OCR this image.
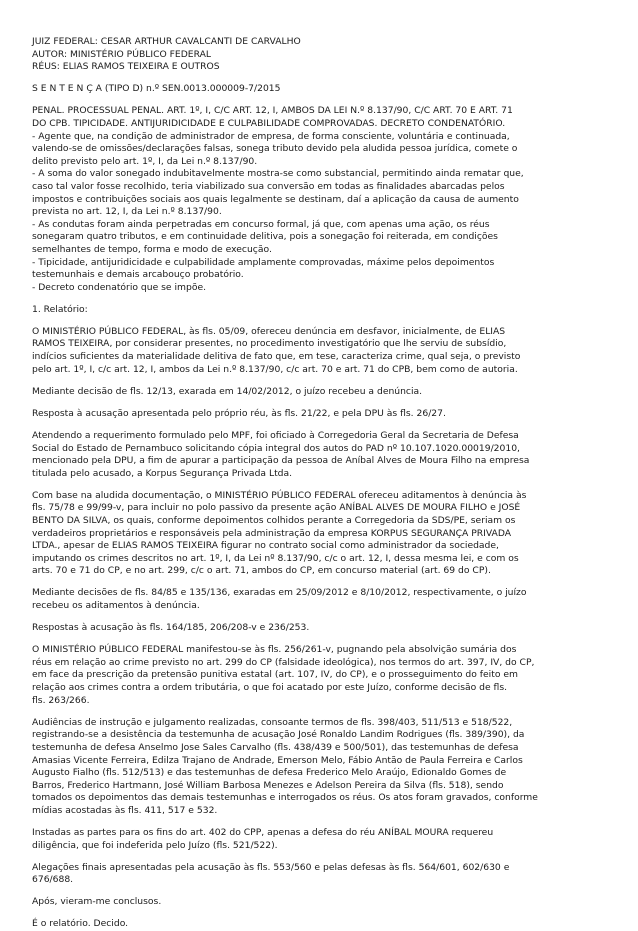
JUIZ FEDERAL: CESAR ARTHUR CAVALCANTI DE CARVALHO
AUTOR: MINISTÉRIO PÚBLICO FEDERAL
RÉUS: ELIAS RAMOS TEIXEIRA E OUTROS
S E N T E N Ç A (TIPO D) n.º SEN.0013.000009-7/2015
PENAL. PROCESSUAL PENAL. ART. 1º, I, C/C ART. 12, I, AMBOS DA LEI N.º 8.137/90, C/C ART. 70 E ART. 71
DO CPB. TIPICIDADE. ANTIJURIDICIDADE E CULPABILIDADE COMPROVADAS. DECRETO CONDENATÓRIO.
- Agente que, na condição de administrador de empresa, de forma consciente, voluntária e continuada,
valendo-se de omissões/declarações falsas, sonega tributo devido pela aludida pessoa jurídica, comete o
delito previsto pelo art. 1º, I, da Lei n.º 8.137/90.
- A soma do valor sonegado indubitavelmente mostra-se como substancial, permitindo ainda rematar que,
caso tal valor fosse recolhido, teria viabilizado sua conversão em todas as finalidades abarcadas pelos
impostos e contribuições sociais aos quais legalmente se destinam, daí a aplicação da causa de aumento
prevista no art. 12, I, da Lei n.º 8.137/90.
- As condutas foram ainda perpetradas em concurso formal, já que, com apenas uma ação, os réus
sonegaram quatro tributos, e em continuidade delitiva, pois a sonegação foi reiterada, em condições
semelhantes de tempo, forma e modo de execução.
- Tipicidade, antijuridicidade e culpabilidade amplamente comprovadas, máxime pelos depoimentos
testemunhais e demais arcabouço probatório.
- Decreto condenatório que se impõe.
1. Relatório:
O MINISTÉRIO PÚBLICO FEDERAL, às fls. 05/09, ofereceu denúncia em desfavor, inicialmente, de ELIAS
RAMOS TEIXEIRA, por considerar presentes, no procedimento investigatório que lhe serviu de subsídio,
indícios suficientes da materialidade delitiva de fato que, em tese, caracteriza crime, qual seja, o previsto
pelo art. 1º, I, c/c art. 12, I, ambos da Lei n.º 8.137/90, c/c art. 70 e art. 71 do CPB, bem como de autoria.
Mediante decisão de fls. 12/13, exarada em 14/02/2012, o juízo recebeu a denúncia.
Resposta à acusação apresentada pelo próprio réu, às fls. 21/22, e pela DPU às fls. 26/27.
Atendendo a requerimento formulado pelo MPF, foi oficiado à Corregedoria Geral da Secretaria de Defesa
Social do Estado de Pernambuco solicitando cópia integral dos autos do PAD nº 10.107.1020.00019/2010,
mencionado pela DPU, a fim de apurar a participação da pessoa de Aníbal Alves de Moura Filho na empresa
titulada pelo acusado, a Korpus Segurança Privada Ltda.
Com base na aludida documentação, o MINISTÉRIO PÚBLICO FEDERAL ofereceu aditamentos à denúncia às
fls. 75/78 e 99/99-v, para incluir no polo passivo da presente ação ANÍBAL ALVES DE MOURA FILHO e JOSÉ
BENTO DA SILVA, os quais, conforme depoimentos colhidos perante a Corregedoria da SDS/PE, seriam os
verdadeiros proprietários e responsáveis pela administração da empresa KORPUS SEGURANÇA PRIVADA
LTDA., apesar de ELIAS RAMOS TEIXEIRA figurar no contrato social como administrador da sociedade,
imputando os crimes descritos no art. 1º, I, da Lei nº 8.137/90, c/c o art. 12, I, dessa mesma lei, e com os
arts. 70 e 71 do CP, e no art. 299, c/c o art. 71, ambos do CP, em concurso material (art. 69 do CP).
Mediante decisões de fls. 84/85 e 135/136, exaradas em 25/09/2012 e 8/10/2012, respectivamente, o juízo
recebeu os aditamentos à denúncia.
Respostas à acusação às fls. 164/185, 206/208-v e 236/253.
O MINISTÉRIO PÚBLICO FEDERAL manifestou-se às fls. 256/261-v, pugnando pela absolvição sumária dos
réus em relação ao crime previsto no art. 299 do CP (falsidade ideológica), nos termos do art. 397, IV, do CP,
em face da prescrição da pretensão punitiva estatal (art. 107, IV, do CP), e o prosseguimento do feito em
relação aos crimes contra a ordem tributária, o que foi acatado por este Juízo, conforme decisão de fls.
fls. 263/266.
Audiências de instrução e julgamento realizadas, consoante termos de fls. 398/403, 511/513 e 518/522,
registrando-se a desistência da testemunha de acusação José Ronaldo Landim Rodrigues (fls. 389/390), da
testemunha de defesa Anselmo Jose Sales Carvalho (fls. 438/439 e 500/501), das testemunhas de defesa
Amasias Vicente Ferreira, Edilza Trajano de Andrade, Emerson Melo, Fábio Antão de Paula Ferreira e Carlos
Augusto Fialho (fls. 512/513) e das testemunhas de defesa Frederico Melo Araújo, Edionaldo Gomes de
Barros, Frederico Hartmann, José William Barbosa Menezes e Adelson Pereira da Silva (fls. 518), sendo
tomados os depoimentos das demais testemunhas e interrogados os réus. Os atos foram gravados, conforme
mídias acostadas às fls. 411, 517 e 532.
Instadas as partes para os fins do art. 402 do CPP, apenas a defesa do réu ANÍBAL MOURA requereu
diligência, que foi indeferida pelo Juízo (fls. 521/522).
Alegações finais apresentadas pela acusação às fls. 553/560 e pelas defesas às fls. 564/601, 602/630 e
676/688.
Após, vieram-me conclusos.
É o relatório. Decido.
